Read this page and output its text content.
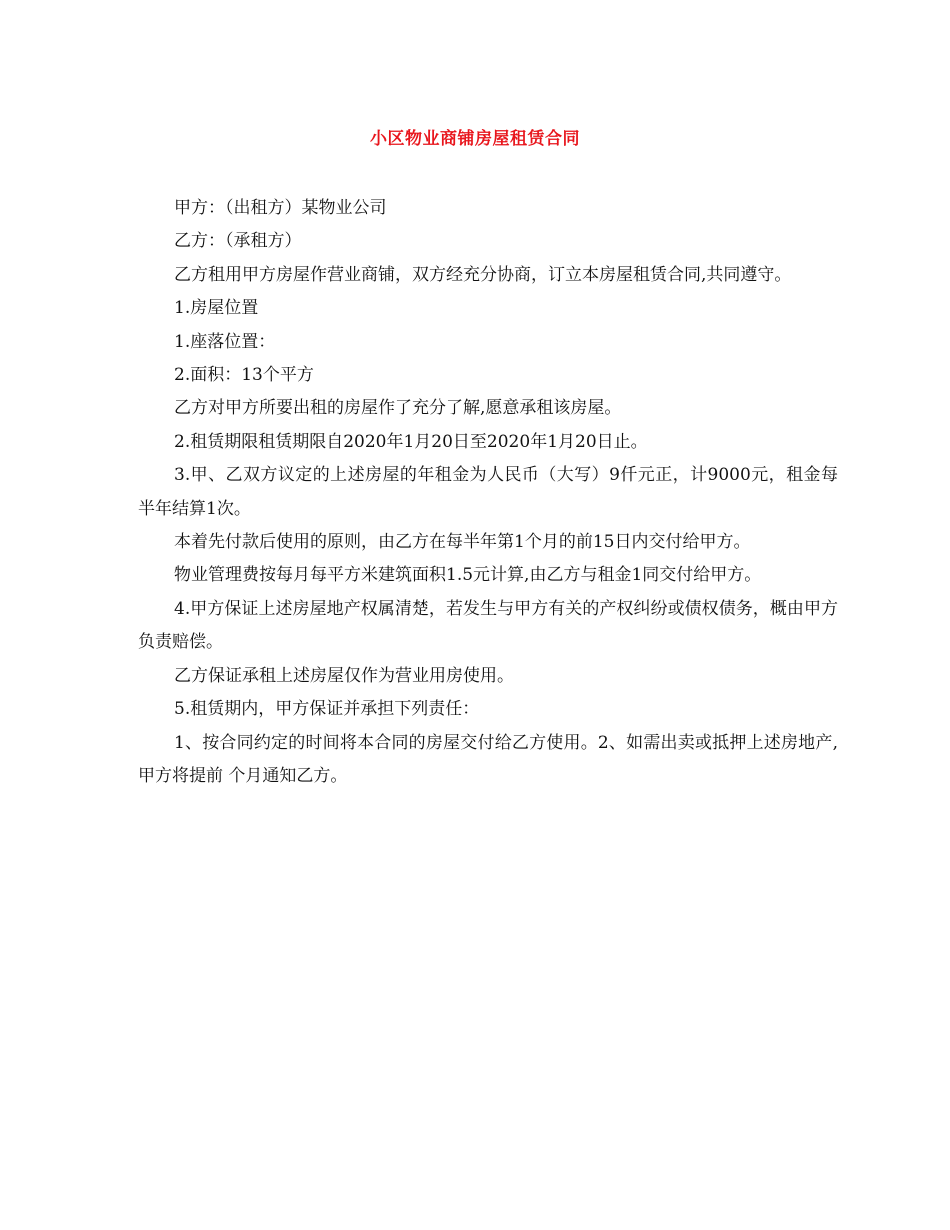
小区物业商铺房屋租赁合同

甲方：（出租方）某物业公司

乙方：（承租方）

乙方租用甲方房屋作营业商铺，双方经充分协商，订立本房屋租赁合同,共同遵守。

1.房屋位置

1.座落位置：

2.面积：13个平方

乙方对甲方所要出租的房屋作了充分了解,愿意承租该房屋。

2.租赁期限租赁期限自2020年1月20日至2020年1月20日止。

3.甲、乙双方议定的上述房屋的年租金为人民币（大写）9仟元正，计9000元，租金每半年结算1次。

本着先付款后使用的原则，由乙方在每半年第1个月的前15日内交付给甲方。

物业管理费按每月每平方米建筑面积1.5元计算,由乙方与租金1同交付给甲方。

4.甲方保证上述房屋地产权属清楚，若发生与甲方有关的产权纠纷或债权债务，概由甲方负责赔偿。

乙方保证承租上述房屋仅作为营业用房使用。

5.租赁期内，甲方保证并承担下列责任：

1、按合同约定的时间将本合同的房屋交付给乙方使用。2、如需出卖或抵押上述房地产,甲方将提前 个月通知乙方。
